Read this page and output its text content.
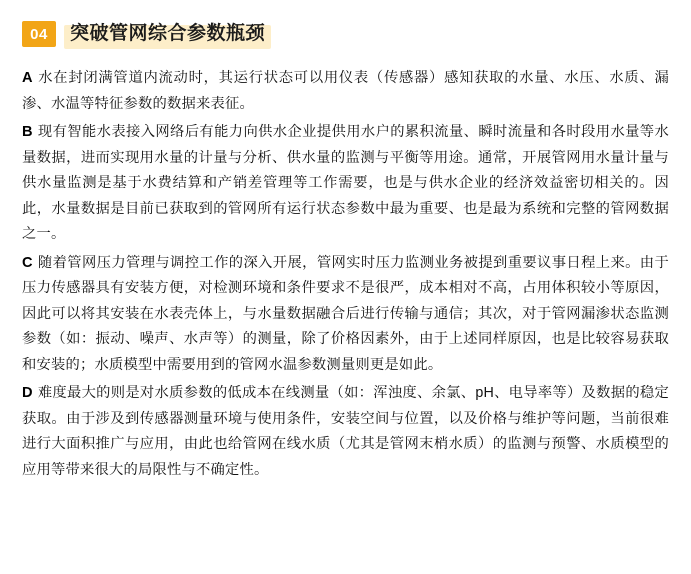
04	突破管网综合参数瓶颈

A 水在封闭满管道内流动时，其运行状态可以用仪表（传感器）感知获取的水量、水压、水质、漏渗、水温等特征参数的数据来表征。

B 现有智能水表接入网络后有能力向供水企业提供用水户的累积流量、瞬时流量和各时段用水量等水量数据，进而实现用水量的计量与分析、供水量的监测与平衡等用途。通常，开展管网用水量计量与供水量监测是基于水费结算和产销差管理等工作需要，也是与供水企业的经济效益密切相关的。因此，水量数据是目前已获取到的管网所有运行状态参数中最为重要、也是最为系统和完整的管网数据之一。

C 随着管网压力管理与调控工作的深入开展，管网实时压力监测业务被提到重要议事日程上来。由于压力传感器具有安装方便，对检测环境和条件要求不是很严，成本相对不高，占用体积较小等原因，因此可以将其安装在水表壳体上，与水量数据融合后进行传输与通信；其次，对于管网漏渗状态监测参数（如：振动、噪声、水声等）的测量，除了价格因素外，由于上述同样原因，也是比较容易获取和安装的；水质模型中需要用到的管网水温参数测量则更是如此。

D 难度最大的则是对水质参数的低成本在线测量（如：浑浊度、余氯、pH、电导率等）及数据的稳定获取。由于涉及到传感器测量环境与使用条件，安装空间与位置，以及价格与维护等问题，当前很难进行大面积推广与应用，由此也给管网在线水质（尤其是管网末梢水质）的监测与预警、水质模型的应用等带来很大的局限性与不确定性。
